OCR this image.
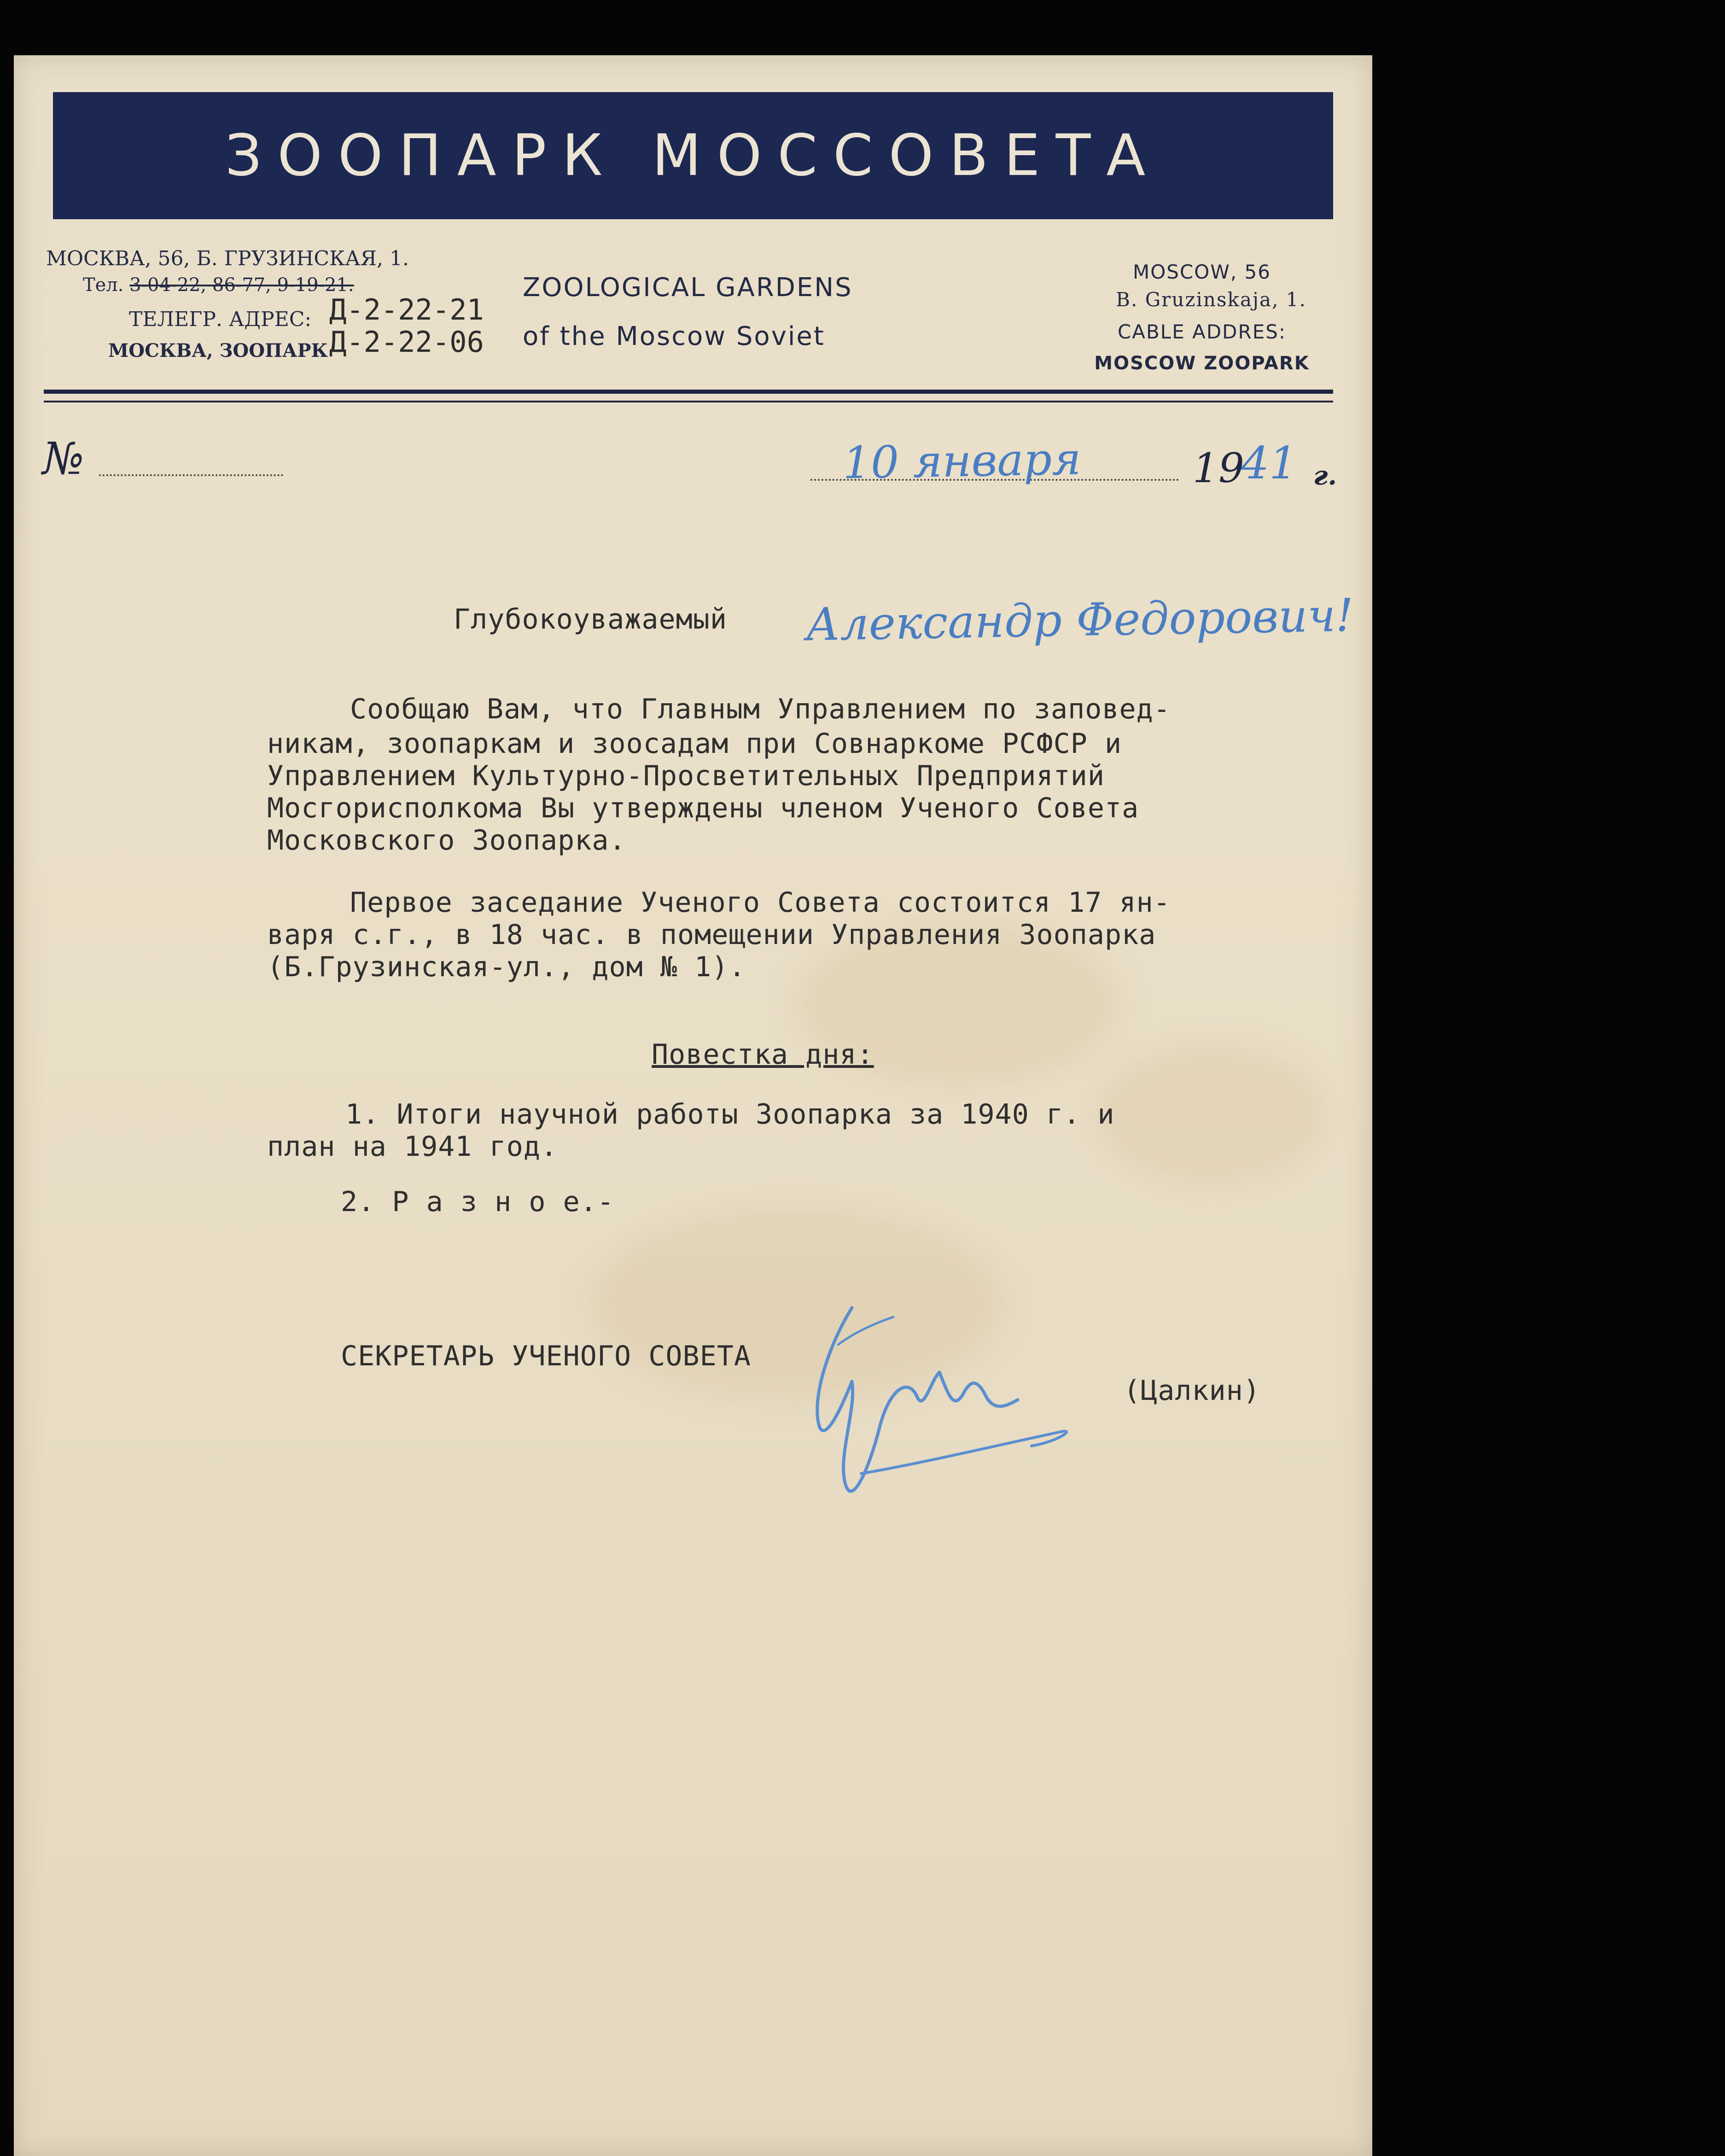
ЗООПАРК МОССОВЕТА
МОСКВА, 56, Б. ГРУЗИНСКАЯ, 1.
Тел. 3-04-22, 86-77, 9-19-21.
ТЕЛЕГР. АДРЕС:
МОСКВА, ЗООПАРК
Д-2-22-21
Д-2-22-06
ZOOLOGICAL GARDENS
of the Moscow Soviet
MOSCOW, 56
B. Gruzinskaja, 1.
CABLE ADDRES:
MOSCOW ZOOPARK
№	10 января	19
41 г.
Глубокоуважаемый Александр Федорович!
Сообщаю Вам, что Главным Управлением по заповед-
никам, зоопаркам и зоосадам при Совнаркоме РСФСР и
Управлением Культурно-Просветительных Предприятий
Мосгорисполкома Вы утверждены членом Ученого Совета
Московского Зоопарка.
Первое заседание Ученого Совета состоится 17 ян-
варя с.г., в 18 час. в помещении Управления Зоопарка
(Б.Грузинская-ул., дом № 1).
Повестка дня:
1. Итоги научной работы Зоопарка за 1940 г. и
план на 1941 год.
2. Р а з н о е.-
СЕКРЕТАРЬ УЧЕНОГО СОВЕТА
(Цалкин)
